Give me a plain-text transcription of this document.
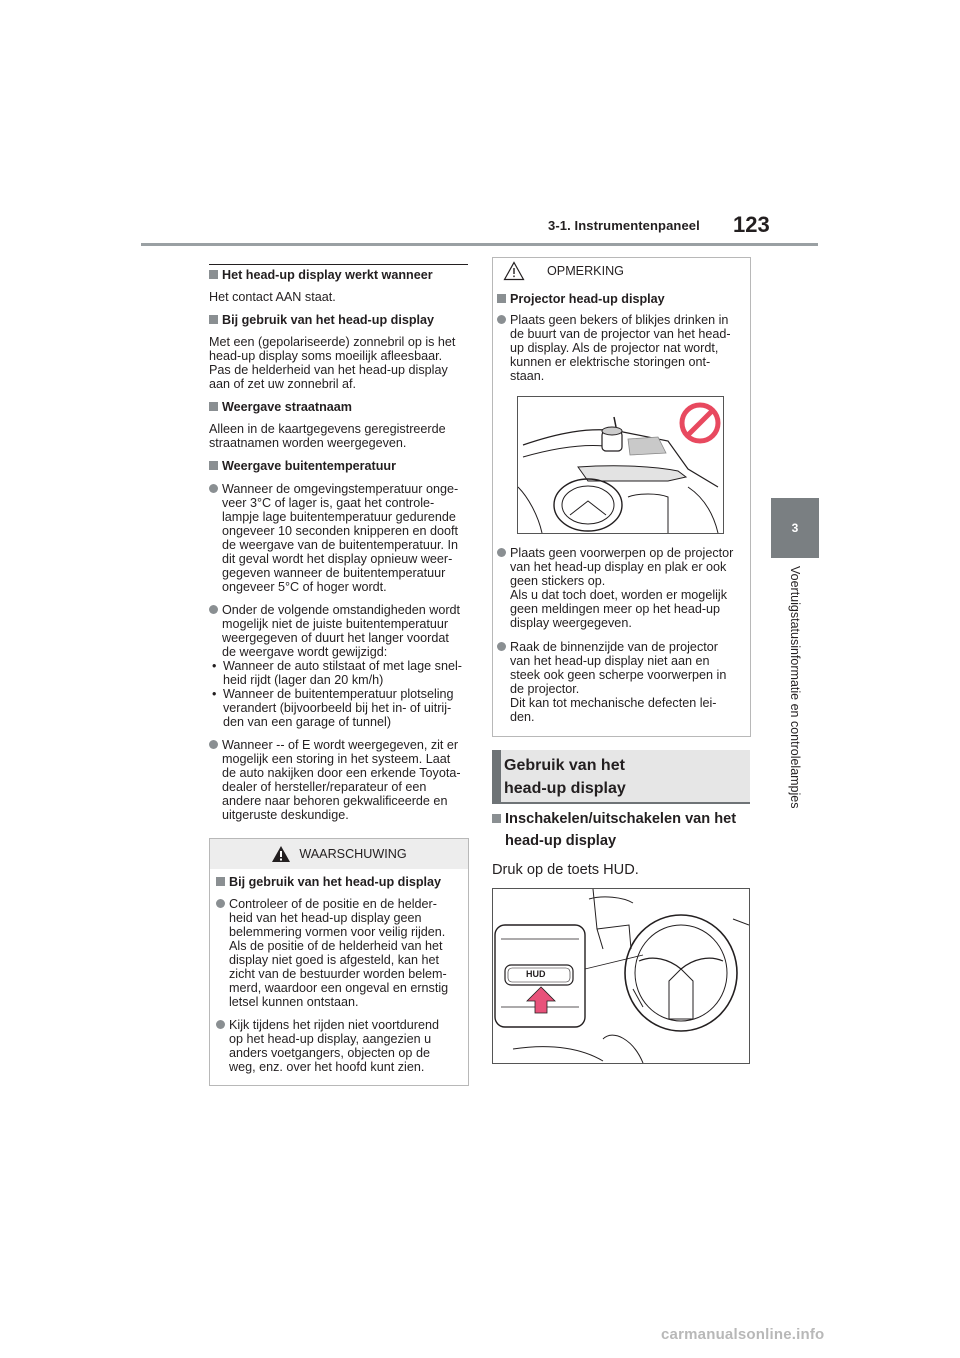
3-1. Instrumentenpaneel 123
3
Voertuigstatusinformatie en controlelampjes
Het head-up display werkt wanneer
Het contact AAN staat.
Bij gebruik van het head-up display
Met een (gepolariseerde) zonnebril op is het
head-up display soms moeilijk afleesbaar.
Pas de helderheid van het head-up display
aan of zet uw zonnebril af.
Weergave straatnaam
Alleen in de kaartgegevens geregistreerde
straatnamen worden weergegeven.
Weergave buitentemperatuur
Wanneer de omgevingstemperatuur onge-
veer 3°C of lager is, gaat het controle-
lampje lage buitentemperatuur gedurende
ongeveer 10 seconden knipperen en dooft
de weergave van de buitentemperatuur. In
dit geval wordt het display opnieuw weer-
gegeven wanneer de buitentemperatuur
ongeveer 5°C of hoger wordt.
Onder de volgende omstandigheden wordt
mogelijk niet de juiste buitentemperatuur
weergegeven of duurt het langer voordat
de weergave wordt gewijzigd:
• Wanneer de auto stilstaat of met lage snel-
heid rijdt (lager dan 20 km/h)
• Wanneer de buitentemperatuur plotseling
verandert (bijvoorbeeld bij het in- of uitrij-
den van een garage of tunnel)
Wanneer -- of E wordt weergegeven, zit er
mogelijk een storing in het systeem. Laat
de auto nakijken door een erkende Toyota-
dealer of hersteller/reparateur of een
andere naar behoren gekwalificeerde en
uitgeruste deskundige.
WAARSCHUWING
Bij gebruik van het head-up display
Controleer of de positie en de helder-
heid van het head-up display geen
belemmering vormen voor veilig rijden.
Als de positie of de helderheid van het
display niet goed is afgesteld, kan het
zicht van de bestuurder worden belem-
merd, waardoor een ongeval en ernstig
letsel kunnen ontstaan.
Kijk tijdens het rijden niet voortdurend
op het head-up display, aangezien u
anders voetgangers, objecten op de
weg, enz. over het hoofd kunt zien.
OPMERKING
Projector head-up display
Plaats geen bekers of blikjes drinken in
de buurt van de projector van het head-
up display. Als de projector nat wordt,
kunnen er elektrische storingen ont-
staan.
Plaats geen voorwerpen op de projector
van het head-up display en plak er ook
geen stickers op.
Als u dat toch doet, worden er mogelijk
geen meldingen meer op het head-up
display weergegeven.
Raak de binnenzijde van de projector
van het head-up display niet aan en
steek ook geen scherpe voorwerpen in
de projector.
Dit kan tot mechanische defecten lei-
den.
Gebruik van het
head-up display
Inschakelen/uitschakelen van het
head-up display
Druk op de toets HUD.
HUD
carmanualsonline.info
